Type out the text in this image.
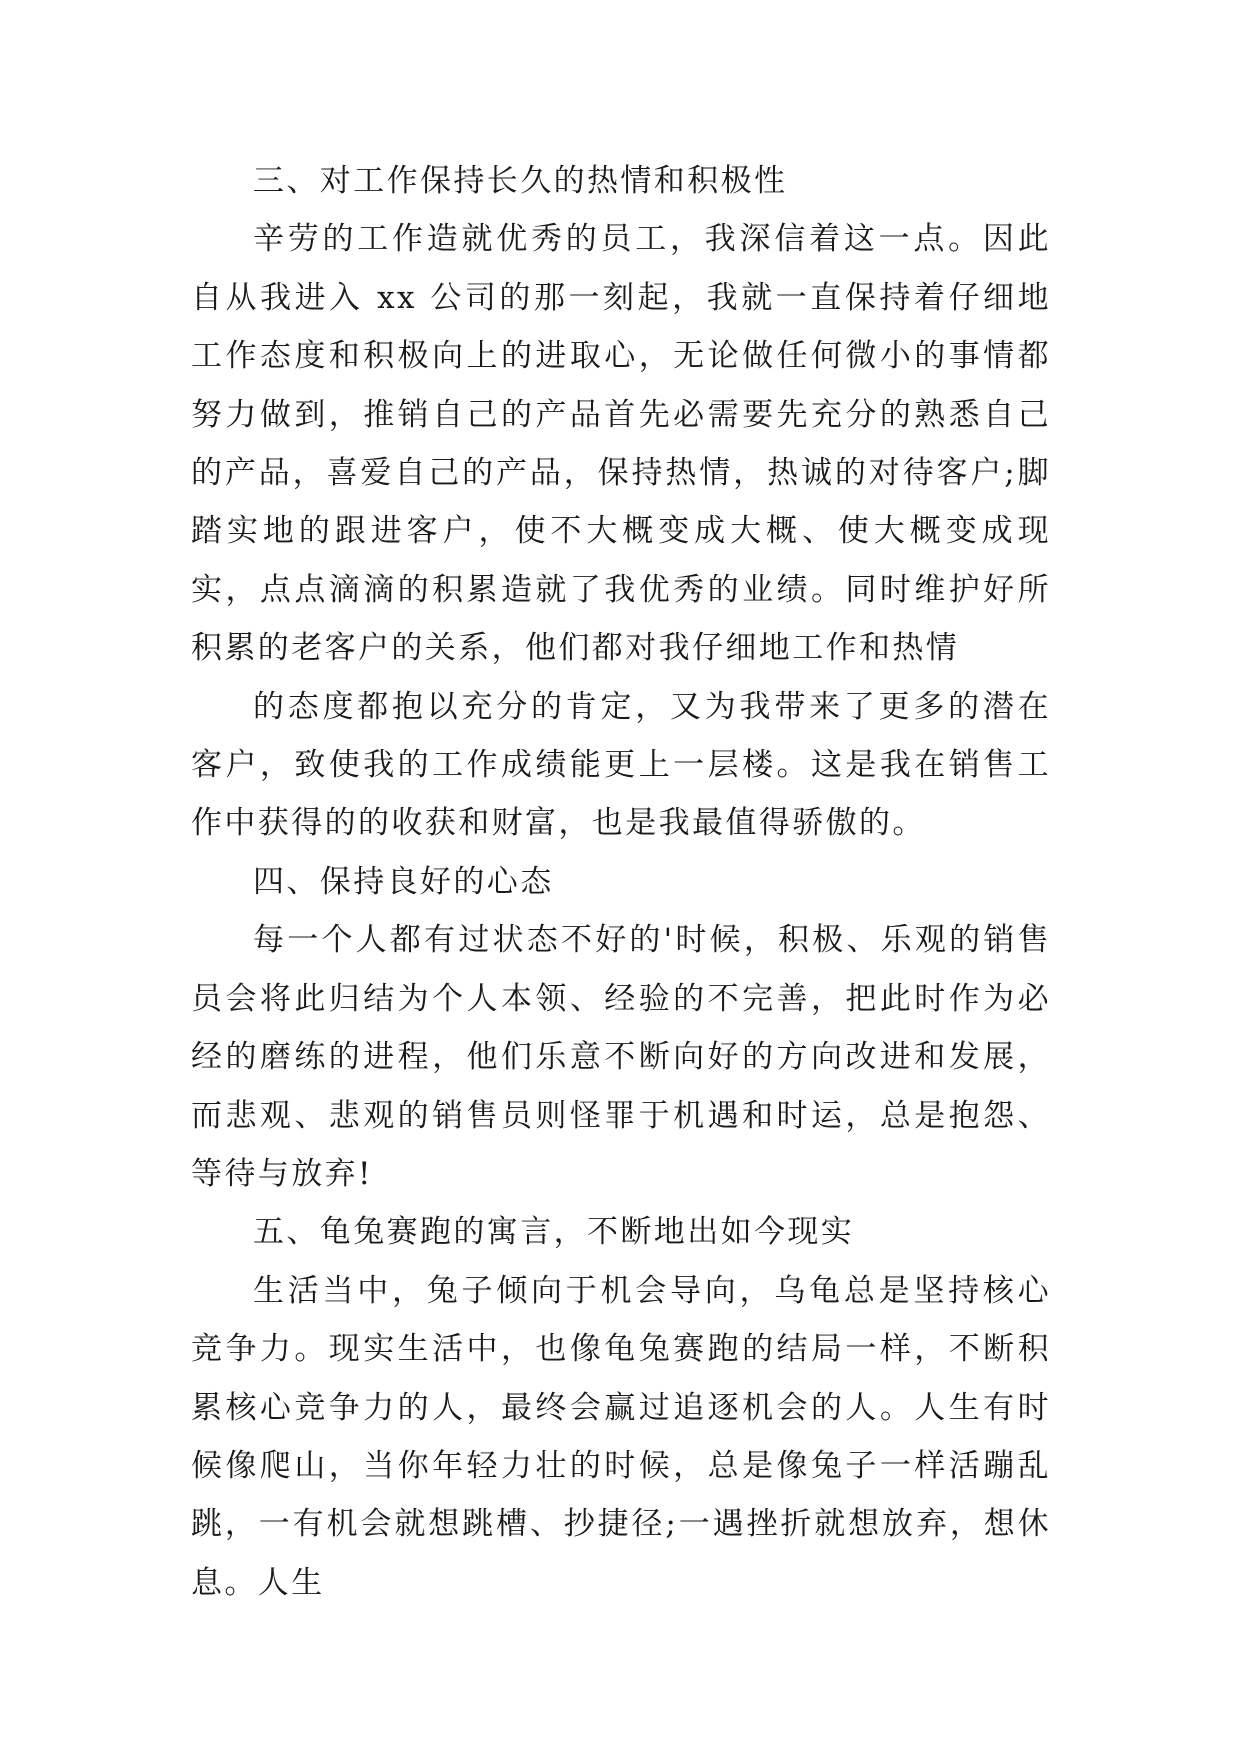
三、对工作保持长久的热情和积极性

辛劳的工作造就优秀的员工，我深信着这一点。因此自从我进入 xx 公司的那一刻起，我就一直保持着仔细地工作态度和积极向上的进取心，无论做任何微小的事情都努力做到，推销自己的产品首先必需要先充分的熟悉自己的产品，喜爱自己的产品，保持热情，热诚的对待客户;脚踏实地的跟进客户，使不大概变成大概、使大概变成现实，点点滴滴的积累造就了我优秀的业绩。同时维护好所积累的老客户的关系，他们都对我仔细地工作和热情

的态度都抱以充分的肯定，又为我带来了更多的潜在客户，致使我的工作成绩能更上一层楼。这是我在销售工作中获得的的收获和财富，也是我最值得骄傲的。

四、保持良好的心态

每一个人都有过状态不好的'时候，积极、乐观的销售员会将此归结为个人本领、经验的不完善，把此时作为必经的磨练的进程，他们乐意不断向好的方向改进和发展，而悲观、悲观的销售员则怪罪于机遇和时运，总是抱怨、等待与放弃!

五、龟兔赛跑的寓言，不断地出如今现实

生活当中，兔子倾向于机会导向，乌龟总是坚持核心竞争力。现实生活中，也像龟兔赛跑的结局一样，不断积累核心竞争力的人，最终会赢过追逐机会的人。人生有时候像爬山，当你年轻力壮的时候，总是像兔子一样活蹦乱跳，一有机会就想跳槽、抄捷径;一遇挫折就想放弃，想休息。人生
